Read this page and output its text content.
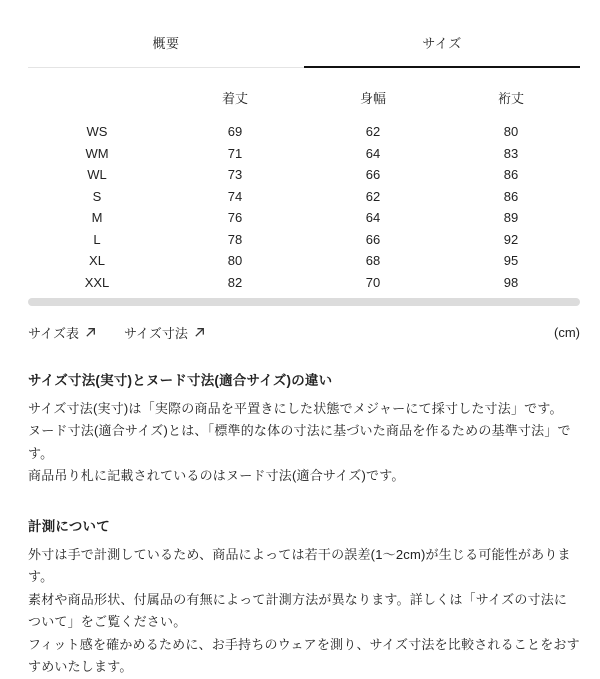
概要	サイズ
	着丈	身幅	裄丈
WS	69	62	80
WM	71	64	83
WL	73	66	86
S	74	62	86
M	76	64	89
L	78	66	92
XL	80	68	95
XXL	82	70	98
サイズ表	サイズ寸法	(cm)
サイズ寸法(実寸)とヌード寸法(適合サイズ)の違い

サイズ寸法(実寸)は「実際の商品を平置きにした状態でメジャーにて採寸した寸法」です。

ヌード寸法(適合サイズ)とは、「標準的な体の寸法に基づいた商品を作るための基準寸法」です。

商品吊り札に記載されているのはヌード寸法(適合サイズ)です。

計測について

外寸は手で計測しているため、商品によっては若干の誤差(1〜2cm)が生じる可能性があります。

素材や商品形状、付属品の有無によって計測方法が異なります。詳しくは「サイズの寸法について」をご覧ください。

フィット感を確かめるために、お手持ちのウェアを測り、サイズ寸法を比較されることをおすすめいたします。
